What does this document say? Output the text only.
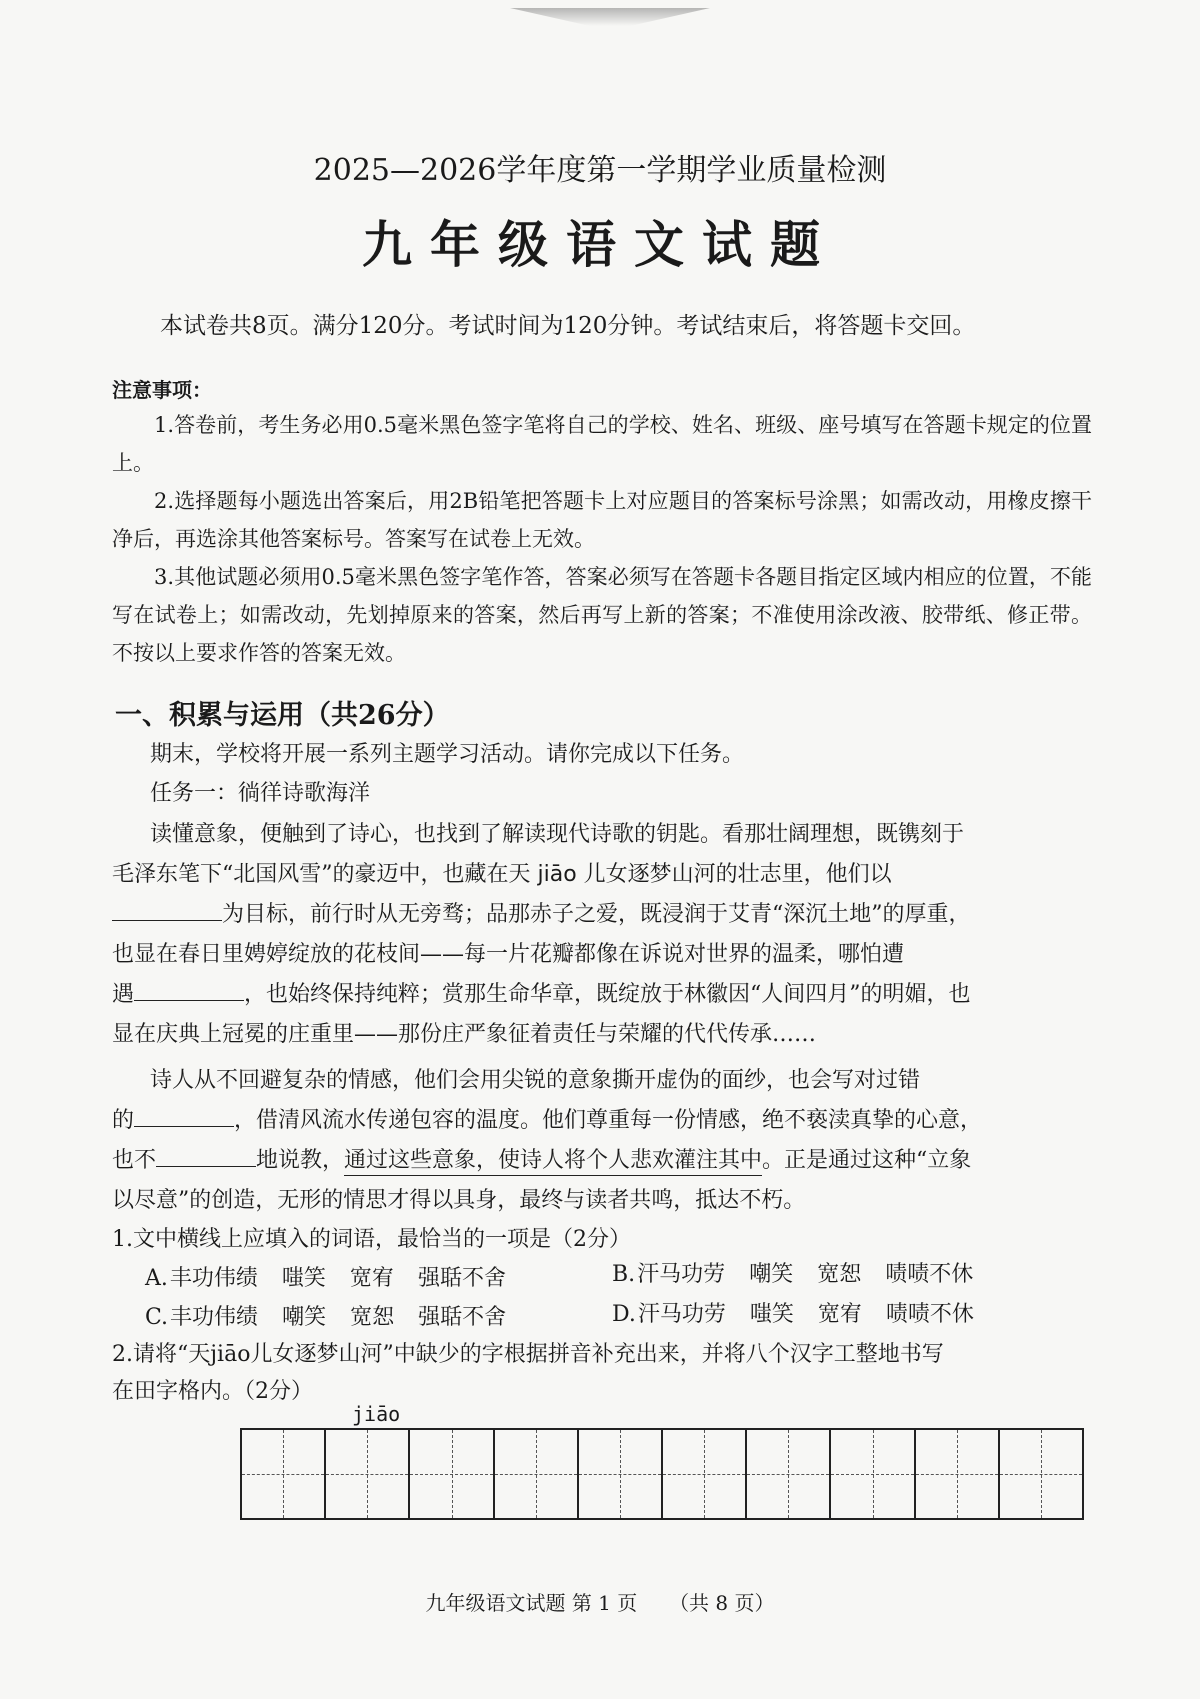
2025—2026学年度第一学期学业质量检测
九年级语文试题
本试卷共8页。满分120分。考试时间为120分钟。考试结束后，将答题卡交回。
注意事项：
1.答卷前，考生务必用0.5毫米黑色签字笔将自己的学校、姓名、班级、座号填写在答题卡规定的位置上。
2.选择题每小题选出答案后，用2B铅笔把答题卡上对应题目的答案标号涂黑；如需改动，用橡皮擦干净后，再选涂其他答案标号。答案写在试卷上无效。
3.其他试题必须用0.5毫米黑色签字笔作答，答案必须写在答题卡各题目指定区域内相应的位置，不能写在试卷上；如需改动，先划掉原来的答案，然后再写上新的答案；不准使用涂改液、胶带纸、修正带。不按以上要求作答的答案无效。
一、积累与运用（共26分）
期末，学校将开展一系列主题学习活动。请你完成以下任务。
任务一：徜徉诗歌海洋
读懂意象，便触到了诗心，也找到了解读现代诗歌的钥匙。看那壮阔理想，既镌刻于
毛泽东笔下“北国风雪”的豪迈中，也藏在天 jiāo 儿女逐梦山河的壮志里，他们以
为目标，前行时从无旁骛；品那赤子之爱，既浸润于艾青“深沉土地”的厚重，
也显在春日里娉婷绽放的花枝间——每一片花瓣都像在诉说对世界的温柔，哪怕遭
遇	，也始终保持纯粹；赏那生命华章，既绽放于林徽因“人间四月”的明媚，也
显在庆典上冠冕的庄重里——那份庄严象征着责任与荣耀的代代传承……
诗人从不回避复杂的情感，他们会用尖锐的意象撕开虚伪的面纱，也会写对过错
的	，借清风流水传递包容的温度。他们尊重每一份情感，绝不亵渎真挚的心意，
也不	地说教，通过这些意象，使诗人将个人悲欢灌注其中。正是通过这种“立象
以尽意”的创造，无形的情思才得以具身，最终与读者共鸣，抵达不朽。
1.文中横线上应填入的词语，最恰当的一项是（2分）
A.丰功伟绩 嗤笑 宽宥 强聒不舍	B.汗马功劳 嘲笑 宽恕 啧啧不休
C.丰功伟绩 嘲笑 宽恕 强聒不舍	D.汗马功劳 嗤笑 宽宥 啧啧不休
2.请将“天jiāo儿女逐梦山河”中缺少的字根据拼音补充出来，并将八个汉字工整地书写
在田字格内。（2分）
jiāo
九年级语文试题 第 1 页 （共 8 页）
